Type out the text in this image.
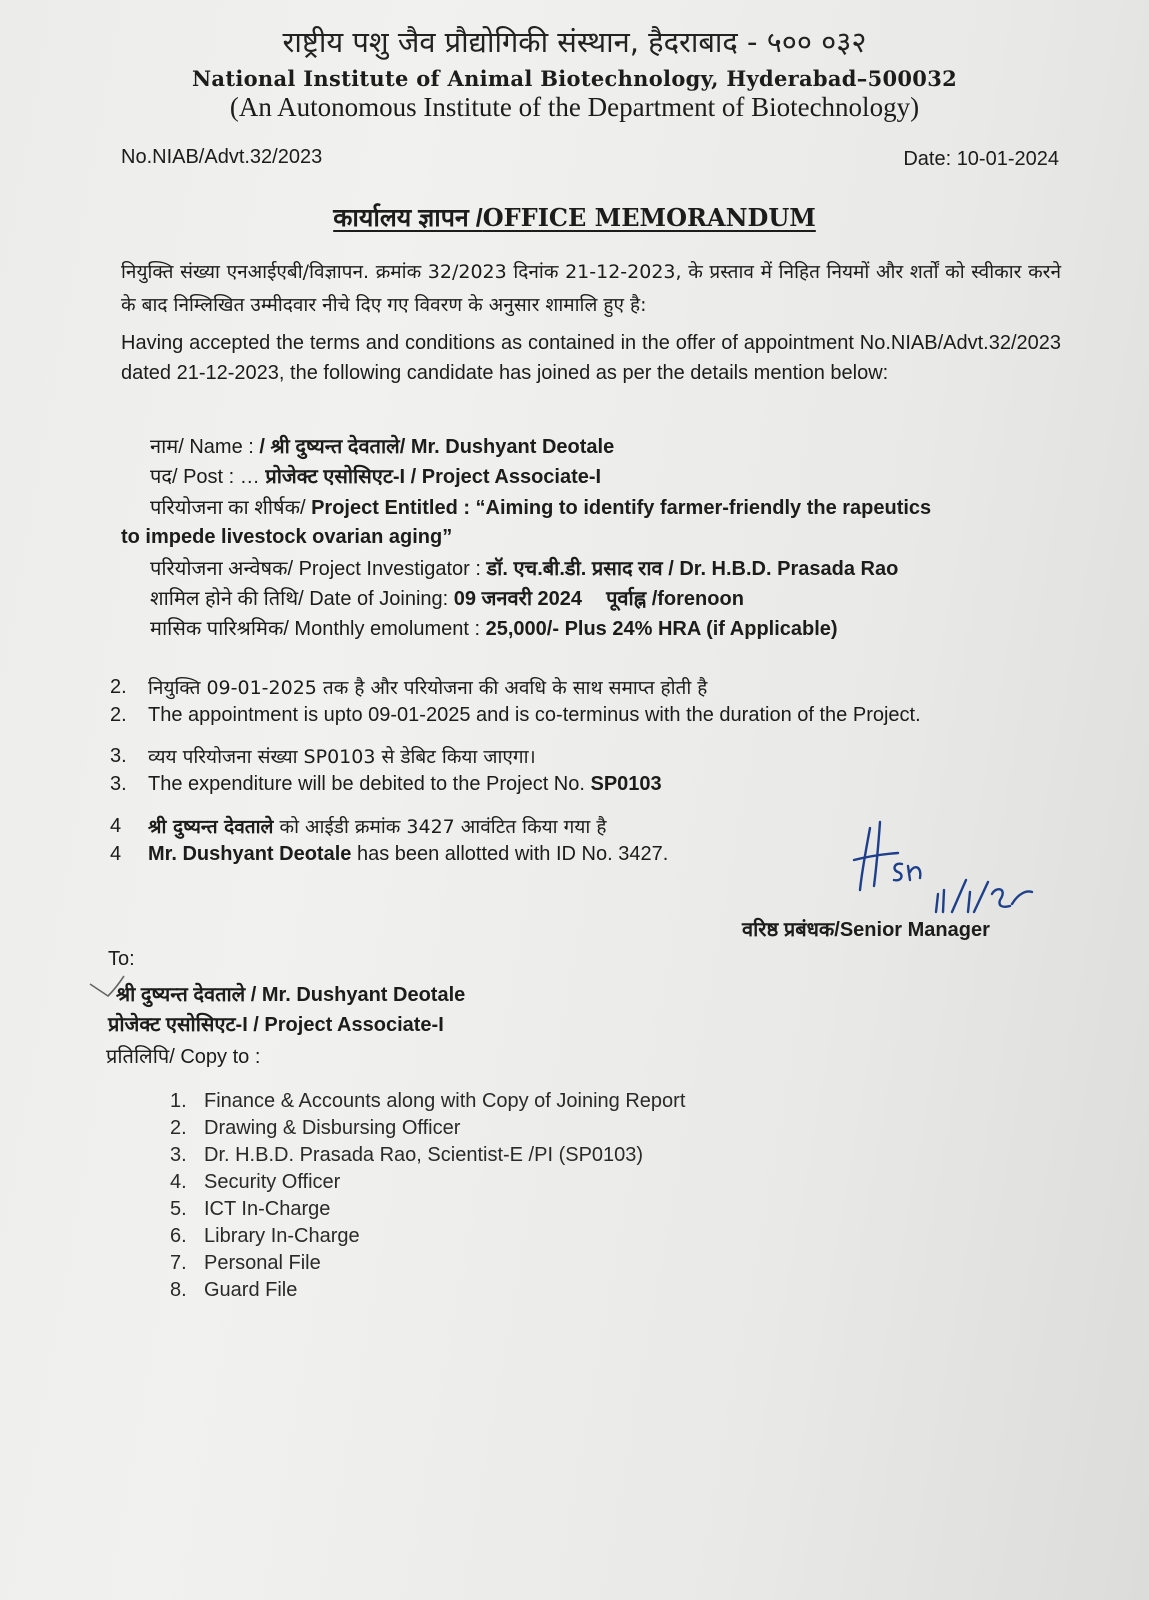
राष्ट्रीय पशु जैव प्रौद्योगिकी संस्थान, हैदराबाद - ५०० ०३२
National Institute of Animal Biotechnology, Hyderabad–500032
(An Autonomous Institute of the Department of Biotechnology)
No.NIAB/Advt.32/2023	Date: 10-01-2024
कार्यालय ज्ञापन /OFFICE MEMORANDUM
नियुक्ति संख्या एनआईएबी/विज्ञापन. क्रमांक 32/2023 दिनांक 21-12-2023, के प्रस्ताव में निहित नियमों और शर्तों को स्वीकार करने के बाद निम्लिखित उम्मीदवार नीचे दिए गए विवरण के अनुसार शामालि हुए है:
Having accepted the terms and conditions as contained in the offer of appointment No.NIAB/Advt.32/2023 dated 21-12-2023, the following candidate has joined as per the details mention below:
नाम/ Name : / श्री दुष्यन्त देवताले/ Mr. Dushyant Deotale
पद/ Post : … प्रोजेक्ट एसोसिएट-I / Project Associate-I
परियोजना का शीर्षक/ Project Entitled : “Aiming to identify farmer-friendly the rapeutics
to impede livestock ovarian aging”
परियोजना अन्वेषक/ Project Investigator : डॉ. एच.बी.डी. प्रसाद राव / Dr. H.B.D. Prasada Rao
शामिल होने की तिथि/ Date of Joining: 09 जनवरी 2024 पूर्वाह्न /forenoon
मासिक पारिश्रमिक/ Monthly emolument : 25,000/- Plus 24% HRA (if Applicable)
2. नियुक्ति 09-01-2025 तक है और परियोजना की अवधि के साथ समाप्त होती है
2. The appointment is upto 09-01-2025 and is co-terminus with the duration of the Project.
3. व्यय परियोजना संख्या SP0103 से डेबिट किया जाएगा।
3. The expenditure will be debited to the Project No. SP0103
4 श्री दुष्यन्त देवताले को आईडी क्रमांक 3427 आवंटित किया गया है
4 Mr. Dushyant Deotale has been allotted with ID No. 3427.
वरिष्ठ प्रबंधक/Senior Manager
To:
श्री दुष्यन्त देवताले / Mr. Dushyant Deotale
प्रोजेक्ट एसोसिएट-I / Project Associate-I
प्रतिलिपि/ Copy to :
1. Finance & Accounts along with Copy of Joining Report
2. Drawing & Disbursing Officer
3. Dr. H.B.D. Prasada Rao, Scientist-E /PI (SP0103)
4. Security Officer
5. ICT In-Charge
6. Library In-Charge
7. Personal File
8. Guard File
